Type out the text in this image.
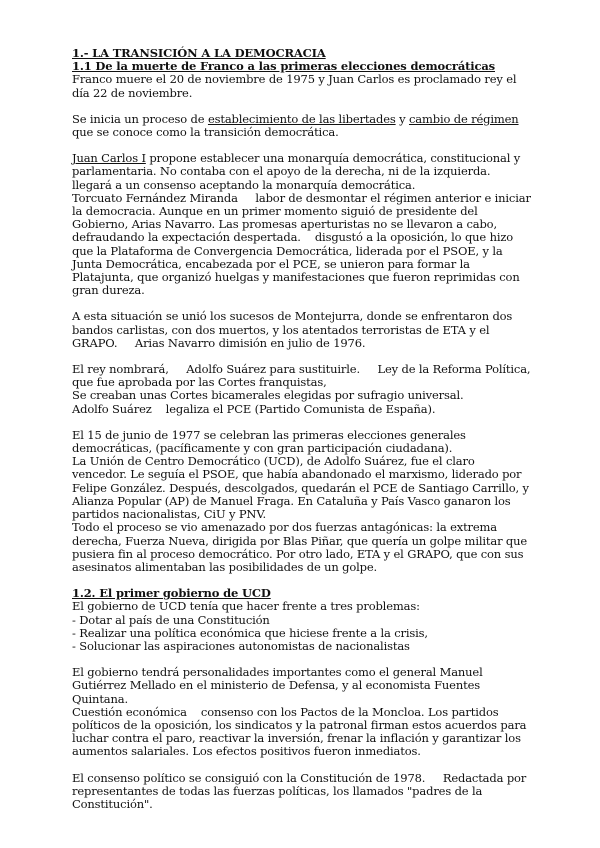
1.- LA TRANSICIÓN A LA DEMOCRACIA

1.1 De la muerte de Franco a las primeras elecciones democráticas

Franco muere el 20 de noviembre de 1975 y Juan Carlos es proclamado rey el día 22 de noviembre.

Se inicia un proceso de establecimiento de las libertades y cambio de régimen que se conoce como la transición democrática.

Juan Carlos I propone establecer una monarquía democrática, constitucional y parlamentaria. No contaba con el apoyo de la derecha, ni de la izquierda.    llegará a un consenso aceptando la monarquía democrática.

Torcuato Fernández Miranda     labor de desmontar el régimen anterior e iniciar la democracia. Aunque en un primer momento siguió de presidente del Gobierno, Arias Navarro. Las promesas aperturistas no se llevaron a cabo, defraudando la expectación despertada.    disgustó a la oposición, lo que hizo que la Plataforma de Convergencia Democrática, liderada por el PSOE, y la Junta Democrática, encabezada por el PCE, se unieron para formar la Platajunta, que organizó huelgas y manifestaciones que fueron reprimidas con gran dureza.

A esta situación se unió los sucesos de Montejurra, donde se enfrentaron dos bandos carlistas, con dos muertos, y los atentados terroristas de ETA y el GRAPO.     Arias Navarro dimisión en julio de 1976.

El rey nombrará,     Adolfo Suárez para sustituirle.     Ley de la Reforma Política, que fue aprobada por las Cortes franquistas,

Se creaban unas Cortes bicamerales elegidas por sufragio universal.

Adolfo Suárez    legaliza el PCE (Partido Comunista de España).

El 15 de junio de 1977 se celebran las primeras elecciones generales democráticas, (pacíficamente y con gran participación ciudadana).

La Unión de Centro Democrático (UCD), de Adolfo Suárez, fue el claro vencedor. Le seguía el PSOE, que había abandonado el marxismo, liderado por Felipe González. Después, descolgados, quedarán el PCE de Santiago Carrillo, y Alianza Popular (AP) de Manuel Fraga. En Cataluña y País Vasco ganaron los partidos nacionalistas, CiU y PNV.

Todo el proceso se vio amenazado por dos fuerzas antagónicas: la extrema derecha, Fuerza Nueva, dirigida por Blas Piñar, que quería un golpe militar que pusiera fin al proceso democrático. Por otro lado, ETA y el GRAPO, que con sus asesinatos alimentaban las posibilidades de un golpe.

1.2. El primer gobierno de UCD

El gobierno de UCD tenía que hacer frente a tres problemas:

- Dotar al país de una Constitución

- Realizar una política económica que hiciese frente a la crisis,

- Solucionar las aspiraciones autonomistas de nacionalistas

El gobierno tendrá personalidades importantes como el general Manuel Gutiérrez Mellado en el ministerio de Defensa, y al economista Fuentes Quintana.

Cuestión económica    consenso con los Pactos de la Moncloa. Los partidos políticos de la oposición, los sindicatos y la patronal firman estos acuerdos para luchar contra el paro, reactivar la inversión, frenar la inflación y garantizar los aumentos salariales. Los efectos positivos fueron inmediatos.

El consenso político se consiguió con la Constitución de 1978.     Redactada por representantes de todas las fuerzas políticas, los llamados "padres de la Constitución".
